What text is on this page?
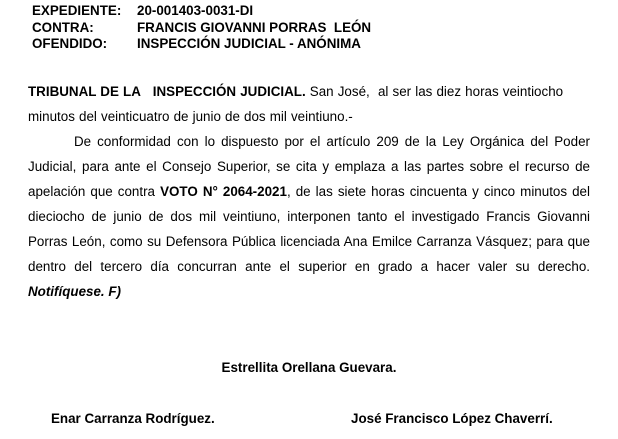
EXPEDIENTE:	20-001403-0031-DI
CONTRA:	FRANCIS GIOVANNI PORRAS  LEÓN
OFENDIDO:	INSPECCIÓN JUDICIAL - ANÓNIMA

TRIBUNAL DE LA   INSPECCIÓN JUDICIAL. San José,  al ser las diez horas veintiocho minutos del veinticuatro de junio de dos mil veintiuno.-

De conformidad con lo dispuesto por el artículo 209 de la Ley Orgánica del Poder Judicial, para ante el Consejo Superior, se cita y emplaza a las partes sobre el recurso de apelación que contra VOTO N° 2064-2021, de las siete horas cincuenta y cinco minutos del dieciocho de junio de dos mil veintiuno, interponen tanto el investigado Francis Giovanni Porras León, como su Defensora Pública licenciada Ana Emilce Carranza Vásquez; para que dentro del tercero día concurran ante el superior en grado a hacer valer su derecho.  Notifíquese. F)

Estrellita Orellana Guevara.
Enar Carranza Rodríguez.	José Francisco López Chaverrí.
